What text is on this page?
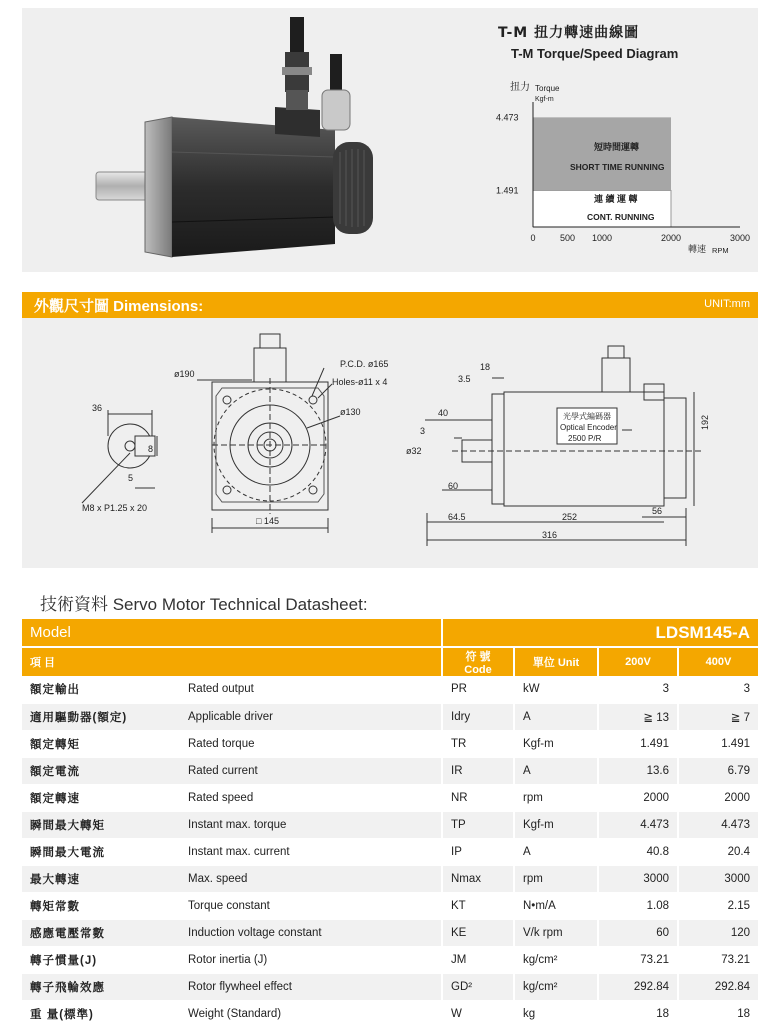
T-M 扭力轉速曲線圖
T-M Torque/Speed Diagram
扭力 Torque
Kgf-m
1.491
4.473
0	500 1000	2000	3000
短時間運轉
SHORT TIME RUNNING
連 續 運 轉
CONT. RUNNING
轉速 RPM
外觀尺寸圖 Dimensions:	UNIT:mm
36
8
5
M8 x P1.25 x 20
ø190
P.C.D. ø165
Holes-ø11 x 4
ø130
□ 145
18
3.5
40
3
ø32
60
64.5	252
56
316
192
光學式編碼器
Optical Encoder
2500 P/R
技術資料 Servo Motor Technical Datasheet:
Model		LDSM145-A			
項 目		符 號 Code	單位 Unit	200V	400V
額定輸出	Rated output	PR	kW	3	3
適用驅動器(額定)	Applicable driver	Idry	A	≧ 13	≧ 7
額定轉矩	Rated torque	TR	Kgf-m	1.491	1.491
額定電流	Rated current	IR	A	13.6	6.79
額定轉速	Rated speed	NR	rpm	2000	2000
瞬間最大轉矩	Instant max. torque	TP	Kgf-m	4.473	4.473
瞬間最大電流	Instant max. current	IP	A	40.8	20.4
最大轉速	Max. speed	Nmax	rpm	3000	3000
轉矩常數	Torque constant	KT	N•m/A	1.08	2.15
感應電壓常數	Induction voltage constant	KE	V/k rpm	60	120
轉子慣量(J)	Rotor inertia (J)	JM	kg/cm²	73.21	73.21
轉子飛輪效應	Rotor flywheel effect	GD²	kg/cm²	292.84	292.84
重 量(標準)	Weight (Standard)	W	kg	18	18
